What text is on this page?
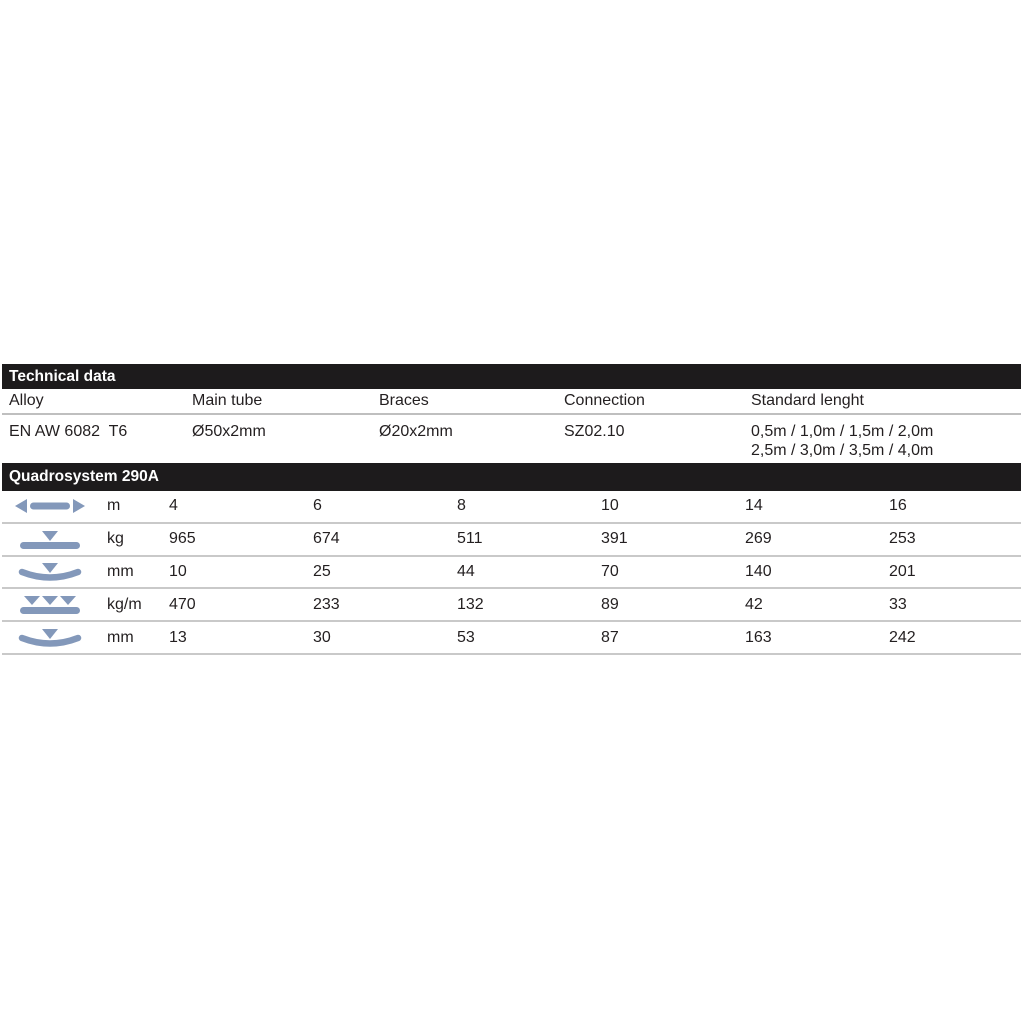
Technical data
Alloy	Main tube	Braces	Connection	Standard lenght
EN AW 6082  T6	Ø50x2mm	Ø20x2mm	SZ02.10	0,5m / 1,0m / 1,5m / 2,0m
2,5m / 3,0m / 3,5m / 4,0m
Quadrosystem 290A
m	4	6	8	10	14	16
kg	965	674	511	391	269	253
mm	10	25	44	70	140	201
kg/m	470	233	132	89	42	33
mm	13	30	53	87	163	242
